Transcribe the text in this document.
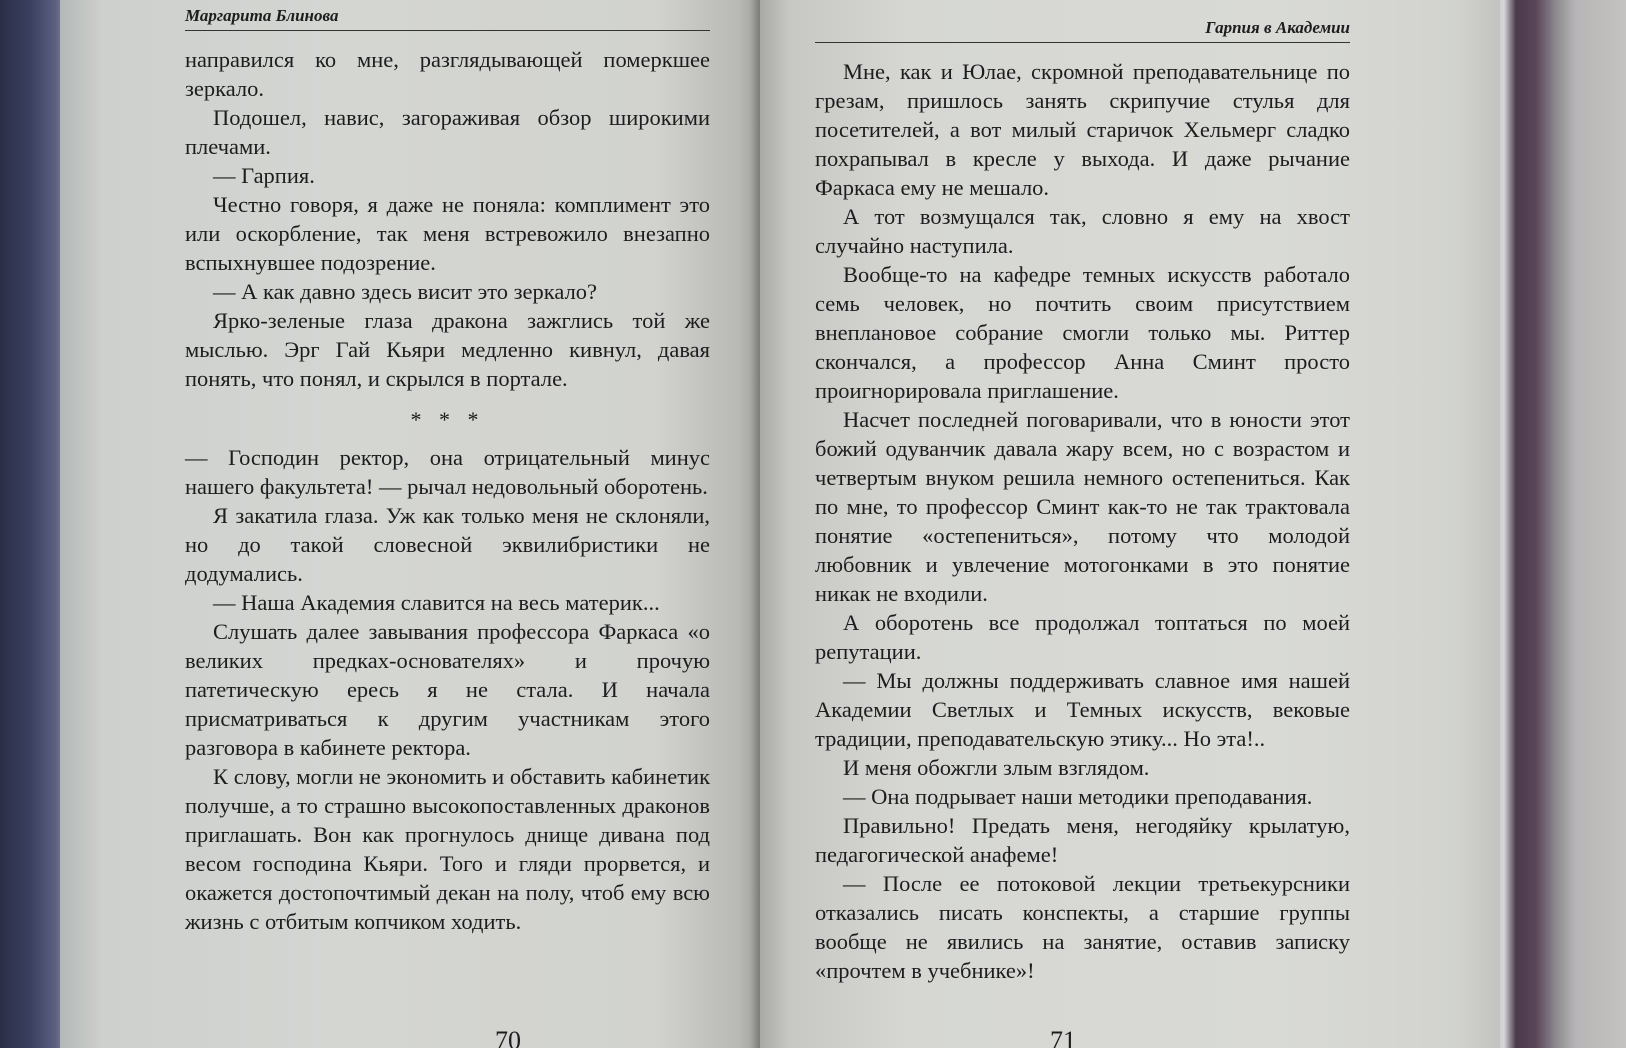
Маргарита Блинова

направился ко мне, разглядывающей померкшее зеркало.

Подошел, навис, загораживая обзор широкими плечами.

— Гарпия.

Честно говоря, я даже не поняла: комплимент это или оскорбление, так меня встревожило внезапно вспыхнувшее подозрение.

— А как давно здесь висит это зеркало?

Ярко-зеленые глаза дракона зажглись той же мыслью. Эрг Гай Кьяри медленно кивнул, давая понять, что понял, и скрылся в портале.

* * *

— Господин ректор, она отрицательный минус нашего факультета! — рычал недовольный оборотень.

Я закатила глаза. Уж как только меня не склоняли, но до такой словесной эквилибристики не додумались.

— Наша Академия славится на весь материк...

Слушать далее завывания профессора Фаркаса «о великих предках-основателях» и прочую патетическую ересь я не стала. И начала присматриваться к другим участникам этого разговора в кабинете ректора.

К слову, могли не экономить и обставить кабинетик получше, а то страшно высокопоставленных драконов приглашать. Вон как прогнулось днище дивана под весом господина Кьяри. Того и гляди прорвется, и окажется достопочтимый декан на полу, чтоб ему всю жизнь с отбитым копчиком ходить.

70
Гарпия в Академии

Мне, как и Юлае, скромной преподавательнице по грезам, пришлось занять скрипучие стулья для посетителей, а вот милый старичок Хельмерг сладко похрапывал в кресле у выхода. И даже рычание Фаркаса ему не мешало.

А тот возмущался так, словно я ему на хвост случайно наступила.

Вообще-то на кафедре темных искусств работало семь человек, но почтить своим присутствием внеплановое собрание смогли только мы. Риттер скончался, а профессор Анна Сминт просто проигнорировала приглашение.

Насчет последней поговаривали, что в юности этот божий одуванчик давала жару всем, но с возрастом и четвертым внуком решила немного остепениться. Как по мне, то профессор Сминт как-то не так трактовала понятие «остепениться», потому что молодой любовник и увлечение мотогонками в это понятие никак не входили.

А оборотень все продолжал топтаться по моей репутации.

— Мы должны поддерживать славное имя нашей Академии Светлых и Темных искусств, вековые традиции, преподавательскую этику... Но эта!..

И меня обожгли злым взглядом.

— Она подрывает наши методики преподавания.

Правильно! Предать меня, негодяйку крылатую, педагогической анафеме!

— После ее потоковой лекции третьекурсники отказались писать конспекты, а старшие группы вообще не явились на занятие, оставив записку «прочтем в учебнике»!

71
